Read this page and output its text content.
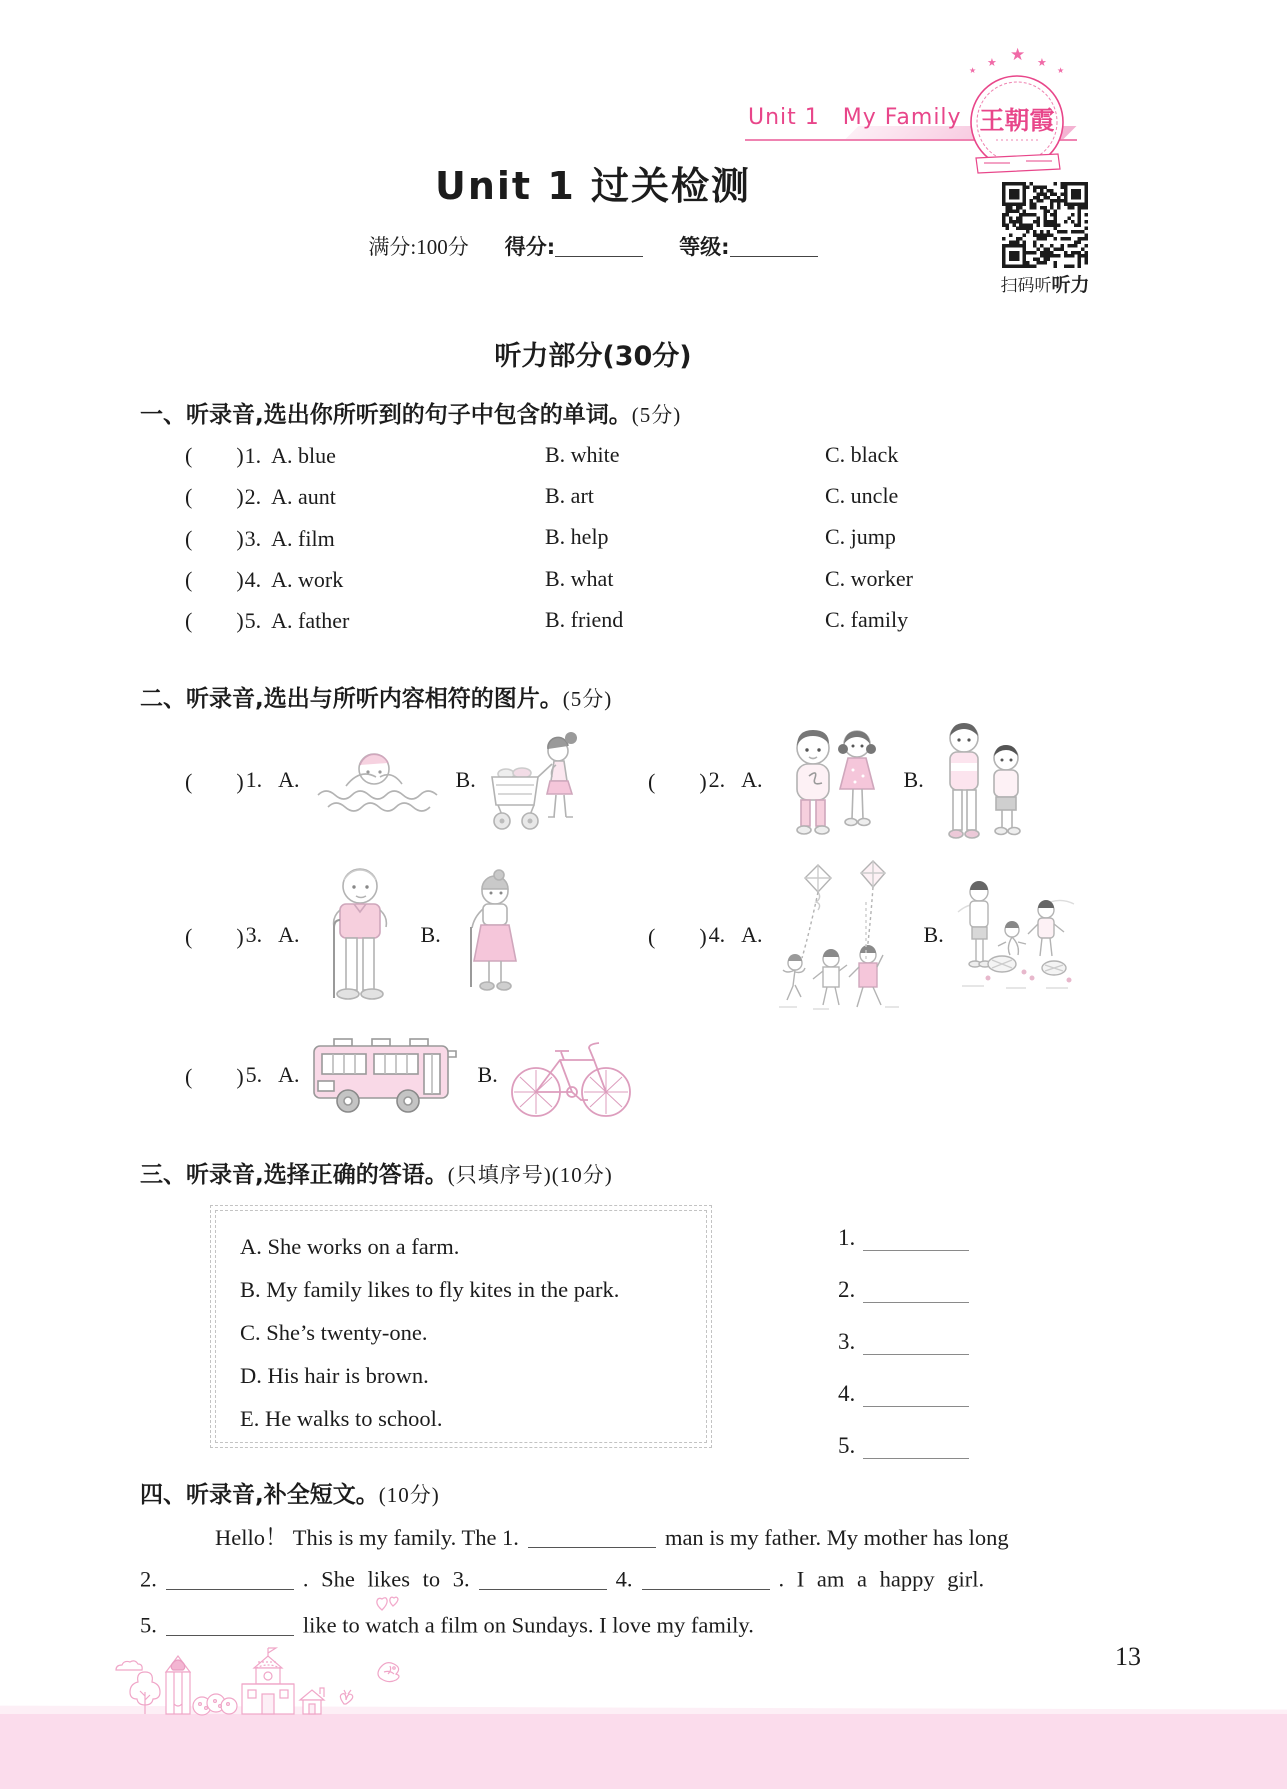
Unit 1　My Family
★
★	★
★	★
王朝霞
扫码听听力
Unit 1 过关检测
满分:100分 得分:	等级:
听力部分(30分)
一、听录音,选出你所听到的句子中包含的单词。(5分)
(　　)1. A. blue	B. white	C. black
(　　)2. A. aunt	B. art	C. uncle
(　　)3. A. film	B. help	C. jump
(　　)4. A. work	B. what	C. worker
(　　)5. A. father	B. friend	C. family
二、听录音,选出与所听内容相符的图片。(5分)
(　　) 1. A.	B.	(　　) 2. A.	B.
(　　) 3. A.	B.	(　　) 4. A.	B.
(　　) 5. A.	B.
三、听录音,选择正确的答语。(只填序号)(10分)
A. She works on a farm.
B. My family likes to fly kites in the park.
C. She’s twenty-one.
D. His hair is brown.
E. He walks to school.
1.
2.
3.
4.
5.
四、听录音,补全短文。(10分)
Hello！ This is my family. The 1.	man is my father. My mother has long
2.	. She likes to 3.	4.	. I am a happy girl.
5.	like to watch a film on Sundays. I love my family.
13
